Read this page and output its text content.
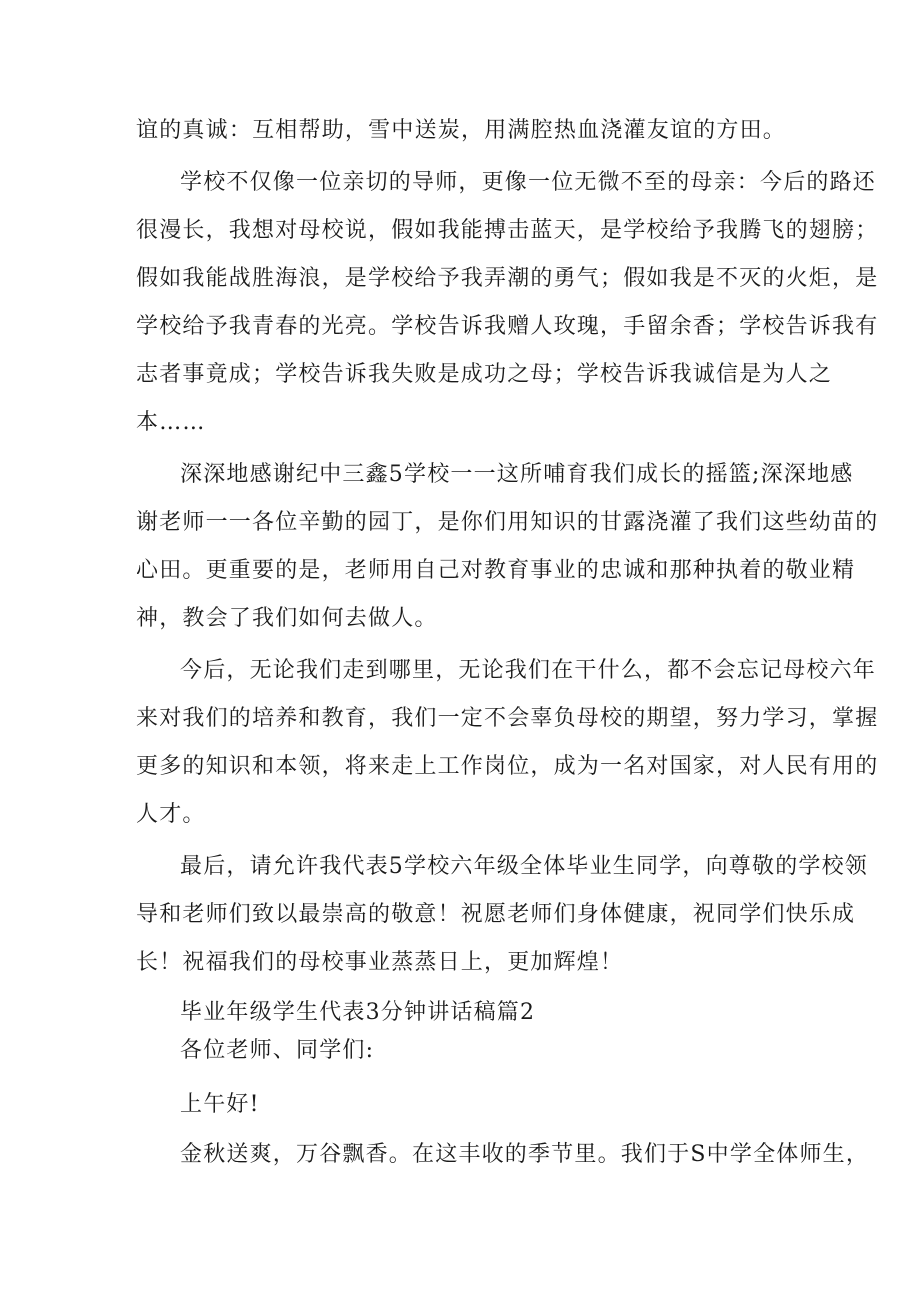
谊的真诚：互相帮助，雪中送炭，用满腔热血浇灌友谊的方田。
学校不仅像一位亲切的导师，更像一位无微不至的母亲：今后的路还
很漫长，我想对母校说，假如我能搏击蓝天，是学校给予我腾飞的翅膀；
假如我能战胜海浪，是学校给予我弄潮的勇气；假如我是不灭的火炬，是
学校给予我青春的光亮。学校告诉我赠人玫瑰，手留余香；学校告诉我有
志者事竟成；学校告诉我失败是成功之母；学校告诉我诚信是为人之
本……
深深地感谢纪中三鑫5学校一一这所哺育我们成长的摇篮;深深地感
谢老师一一各位辛勤的园丁，是你们用知识的甘露浇灌了我们这些幼苗的
心田。更重要的是，老师用自己对教育事业的忠诚和那种执着的敬业精
神，教会了我们如何去做人。
今后，无论我们走到哪里，无论我们在干什么，都不会忘记母校六年
来对我们的培养和教育，我们一定不会辜负母校的期望，努力学习，掌握
更多的知识和本领，将来走上工作岗位，成为一名对国家，对人民有用的
人才。
最后，请允许我代表5学校六年级全体毕业生同学，向尊敬的学校领
导和老师们致以最崇高的敬意！祝愿老师们身体健康，祝同学们快乐成
长！祝福我们的母校事业蒸蒸日上，更加辉煌！
毕业年级学生代表3分钟讲话稿篇2
各位老师、同学们:
上午好!
金秋送爽，万谷飘香。在这丰收的季节里。我们于S中学全体师生，
